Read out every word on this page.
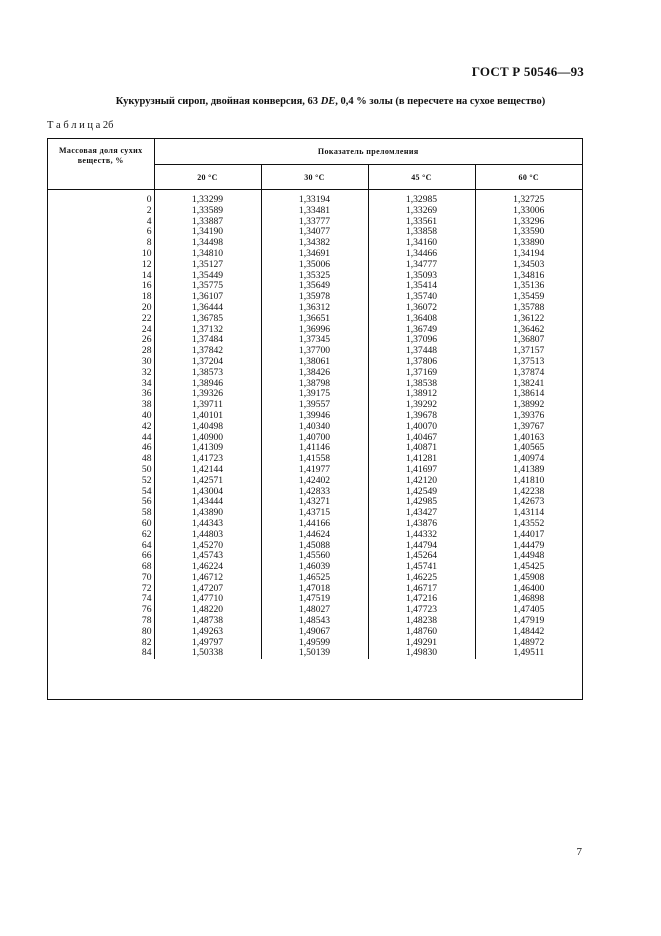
ГОСТ Р 50546—93
Кукурузный сироп, двойная конверсия, 63 DE, 0,4 % золы (в пересчете на сухое вещество)
Т а б л и ц а 2б
Массовая доля сухих веществ, %	Показатель преломления			
	20 °C	30 °C	45 °C	60 °C

0	1,33299	1,33194	1,32985	1,32725
2	1,33589	1,33481	1,33269	1,33006
4	1,33887	1,33777	1,33561	1,33296
6	1,34190	1,34077	1,33858	1,33590
8	1,34498	1,34382	1,34160	1,33890
10	1,34810	1,34691	1,34466	1,34194
12	1,35127	1,35006	1,34777	1,34503
14	1,35449	1,35325	1,35093	1,34816
16	1,35775	1,35649	1,35414	1,35136
18	1,36107	1,35978	1,35740	1,35459
20	1,36444	1,36312	1,36072	1,35788
22	1,36785	1,36651	1,36408	1,36122
24	1,37132	1,36996	1,36749	1,36462
26	1,37484	1,37345	1,37096	1,36807
28	1,37842	1,37700	1,37448	1,37157
30	1,37204	1,38061	1,37806	1,37513
32	1,38573	1,38426	1,37169	1,37874
34	1,38946	1,38798	1,38538	1,38241
36	1,39326	1,39175	1,38912	1,38614
38	1,39711	1,39557	1,39292	1,38992
40	1,40101	1,39946	1,39678	1,39376
42	1,40498	1,40340	1,40070	1,39767
44	1,40900	1,40700	1,40467	1,40163
46	1,41309	1,41146	1,40871	1,40565
48	1,41723	1,41558	1,41281	1,40974
50	1,42144	1,41977	1,41697	1,41389
52	1,42571	1,42402	1,42120	1,41810
54	1,43004	1,42833	1,42549	1,42238
56	1,43444	1,43271	1,42985	1,42673
58	1,43890	1,43715	1,43427	1,43114
60	1,44343	1,44166	1,43876	1,43552
62	1,44803	1,44624	1,44332	1,44017
64	1,45270	1,45088	1,44794	1,44479
66	1,45743	1,45560	1,45264	1,44948
68	1,46224	1,46039	1,45741	1,45425
70	1,46712	1,46525	1,46225	1,45908
72	1,47207	1,47018	1,46717	1,46400
74	1,47710	1,47519	1,47216	1,46898
76	1,48220	1,48027	1,47723	1,47405
78	1,48738	1,48543	1,48238	1,47919
80	1,49263	1,49067	1,48760	1,48442
82	1,49797	1,49599	1,49291	1,48972
84	1,50338	1,50139	1,49830	1,49511
7
